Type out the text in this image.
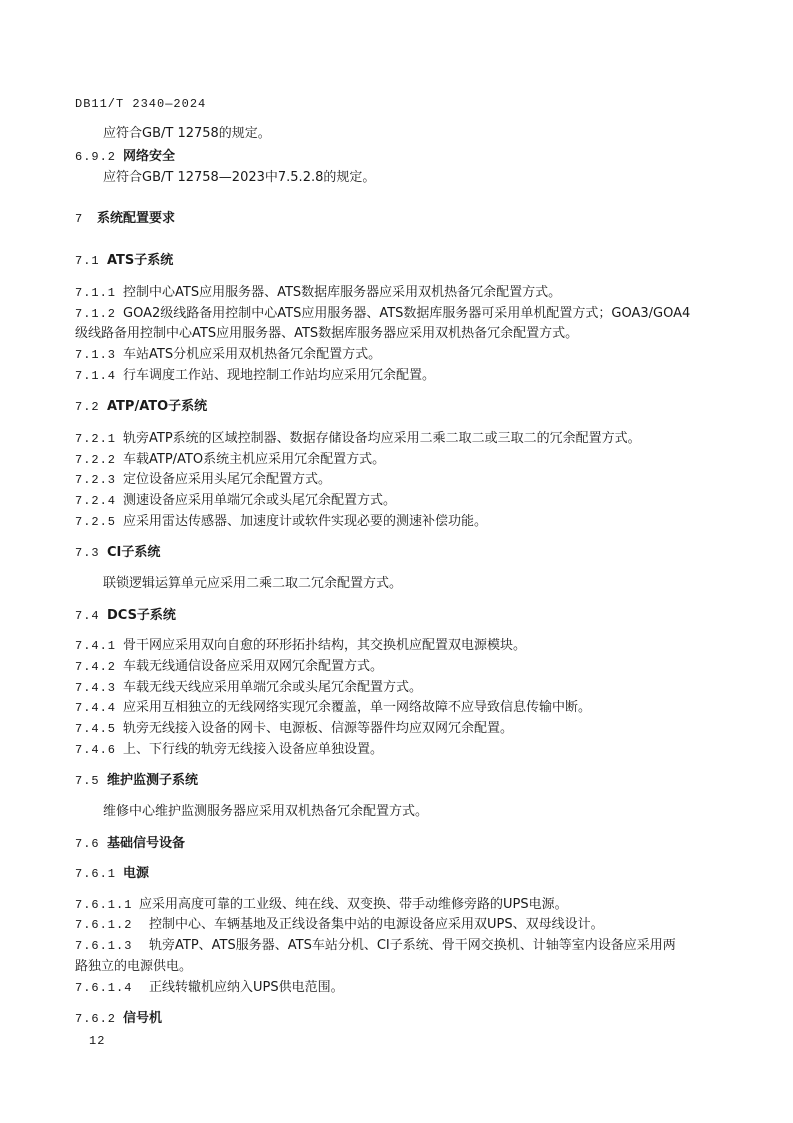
DB11/T 2340—2024
应符合GB/T 12758的规定。
6.9.2 网络安全
应符合GB/T 12758—2023中7.5.2.8的规定。
7 系统配置要求
7.1 ATS子系统
7.1.1 控制中心ATS应用服务器、ATS数据库服务器应采用双机热备冗余配置方式。
7.1.2 GOA2级线路备用控制中心ATS应用服务器、ATS数据库服务器可采用单机配置方式；GOA3/GOA4
级线路备用控制中心ATS应用服务器、ATS数据库服务器应采用双机热备冗余配置方式。
7.1.3 车站ATS分机应采用双机热备冗余配置方式。
7.1.4 行车调度工作站、现地控制工作站均应采用冗余配置。
7.2 ATP/ATO子系统
7.2.1 轨旁ATP系统的区域控制器、数据存储设备均应采用二乘二取二或三取二的冗余配置方式。
7.2.2 车载ATP/ATO系统主机应采用冗余配置方式。
7.2.3 定位设备应采用头尾冗余配置方式。
7.2.4 测速设备应采用单端冗余或头尾冗余配置方式。
7.2.5 应采用雷达传感器、加速度计或软件实现必要的测速补偿功能。
7.3 CI子系统
联锁逻辑运算单元应采用二乘二取二冗余配置方式。
7.4 DCS子系统
7.4.1 骨干网应采用双向自愈的环形拓扑结构，其交换机应配置双电源模块。
7.4.2 车载无线通信设备应采用双网冗余配置方式。
7.4.3 车载无线天线应采用单端冗余或头尾冗余配置方式。
7.4.4 应采用互相独立的无线网络实现冗余覆盖，单一网络故障不应导致信息传输中断。
7.4.5 轨旁无线接入设备的网卡、电源板、信源等器件均应双网冗余配置。
7.4.6 上、下行线的轨旁无线接入设备应单独设置。
7.5 维护监测子系统
维修中心维护监测服务器应采用双机热备冗余配置方式。
7.6 基础信号设备
7.6.1 电源
7.6.1.1 应采用高度可靠的工业级、纯在线、双变换、带手动维修旁路的UPS电源。
7.6.1.2 控制中心、车辆基地及正线设备集中站的电源设备应采用双UPS、双母线设计。
7.6.1.3 轨旁ATP、ATS服务器、ATS车站分机、CI子系统、骨干网交换机、计轴等室内设备应采用两
路独立的电源供电。
7.6.1.4 正线转辙机应纳入UPS供电范围。
7.6.2 信号机
12
